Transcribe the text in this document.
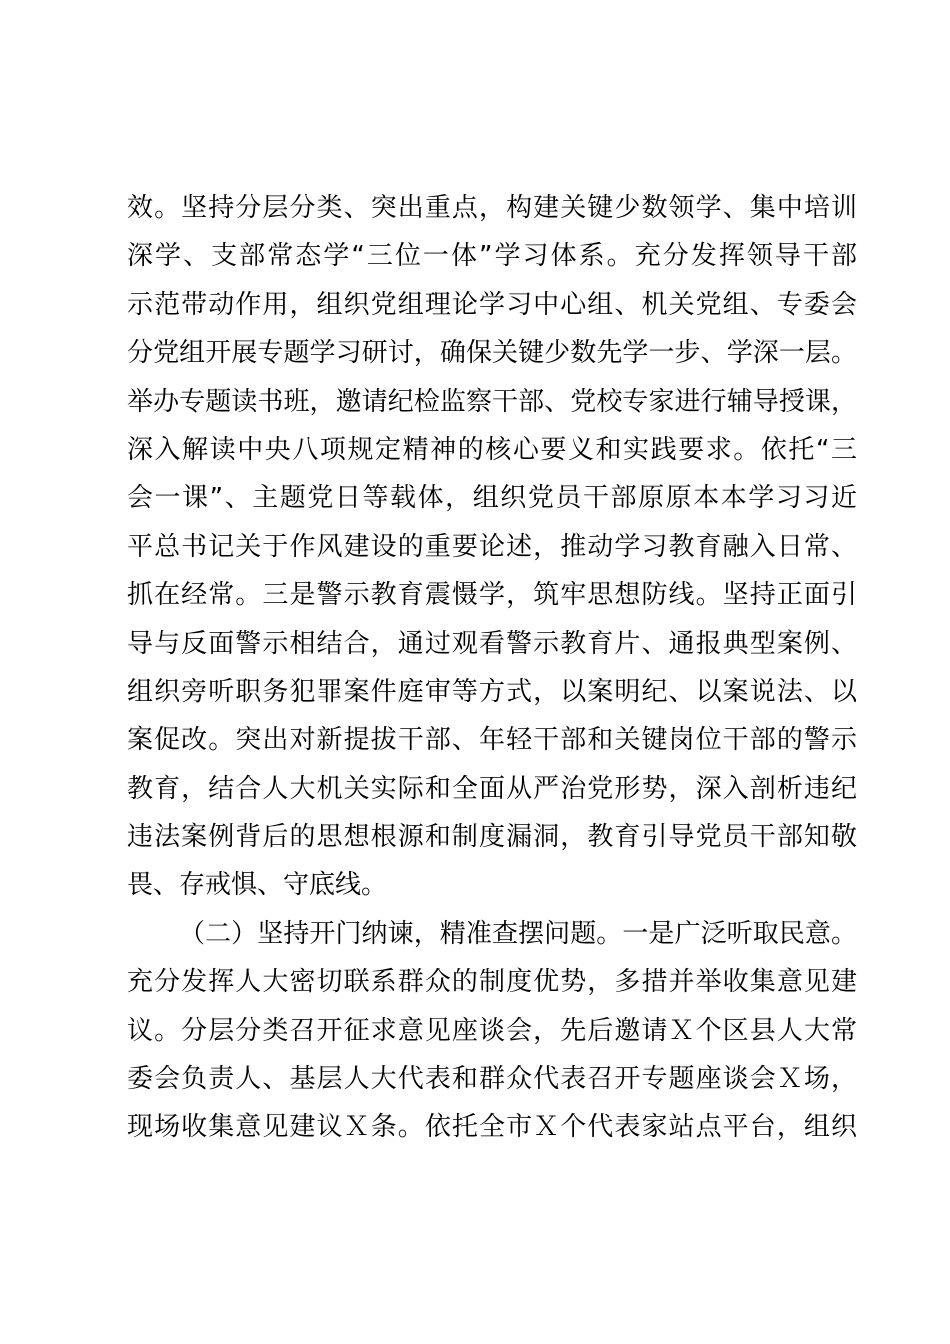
效。坚持分层分类、突出重点，构建关键少数领学、集中培训
深学、支部常态学“三位一体”学习体系。充分发挥领导干部
示范带动作用，组织党组理论学习中心组、机关党组、专委会
分党组开展专题学习研讨，确保关键少数先学一步、学深一层。
举办专题读书班，邀请纪检监察干部、党校专家进行辅导授课，
深入解读中央八项规定精神的核心要义和实践要求。依托“三
会一课”、主题党日等载体，组织党员干部原原本本学习习近
平总书记关于作风建设的重要论述，推动学习教育融入日常、
抓在经常。三是警示教育震慑学，筑牢思想防线。坚持正面引
导与反面警示相结合，通过观看警示教育片、通报典型案例、
组织旁听职务犯罪案件庭审等方式，以案明纪、以案说法、以
案促改。突出对新提拔干部、年轻干部和关键岗位干部的警示
教育，结合人大机关实际和全面从严治党形势，深入剖析违纪
违法案例背后的思想根源和制度漏洞，教育引导党员干部知敬
畏、存戒惧、守底线。
（二）坚持开门纳谏，精准查摆问题。一是广泛听取民意。
充分发挥人大密切联系群众的制度优势，多措并举收集意见建
议。分层分类召开征求意见座谈会，先后邀请Ｘ个区县人大常
委会负责人、基层人大代表和群众代表召开专题座谈会Ｘ场，
现场收集意见建议Ｘ条。依托全市Ｘ个代表家站点平台，组织
